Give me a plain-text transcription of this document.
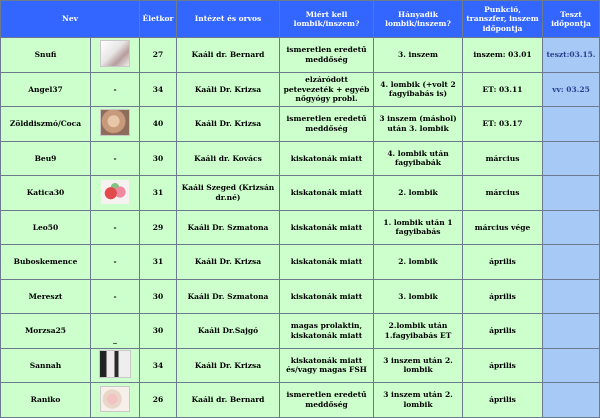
Nev		Életkor	Intézet és orvos	Miért kell lombik/inszem?	Hányadik lombik/inszem?	Punkció, transzfer, inszem időpontja	Teszt időpontja
Snufi		27	Kaáli dr. Bernard	ismeretlen eredetű meddőség	3. inszem	inszem: 03.01	teszt:03.15.
Angel37	-	34	Kaáli Dr. Krizsa	elzáródott petevezeték + egyéb nőgyógy probl.	4. lombik (+volt 2 fagyibabás is)	ET: 03.11	vv: 03.25
Zölddiszmó/Coca		40	Kaáli Dr. Krizsa	ismeretlen eredetű meddőség	3 inszem (máshol) után 3. lombik	ET: 03.17	
Beu9	-	30	Kaáli dr. Kovács	kiskatonák miatt	4. lombik után fagyibabák	március	
Katica30		31	Kaáli Szeged (Krizsán dr.né)	kiskatonák miatt	2. lombik	március	
Leo50	-	29	Kaáli Dr. Szmatona	kiskatonák miatt	1. lombik után 1 fagyibabás	március vége	
Buboskemence	-	31	Kaáli Dr. Krizsa	kiskatonák miatt	2. lombik	április	
Mereszt	-	30	Kaáli Dr. Szmatona	kiskatonák miatt	3. lombik	április	
Morzsa25	_	30	Kaáli Dr.Sajgó	magas prolaktin, kiskatonák miatt	2.lombik után 1.fagyibabás ET	április	
Sannah		34	Kaáli Dr. Krizsa	kiskatonák miatt és/vagy magas FSH	3 inszem után 2. lombik	április	
Raniko		26	Kaáli dr. Bernard	ismeretlen eredetű meddőség	3 inszem után 2. lombik	április	
